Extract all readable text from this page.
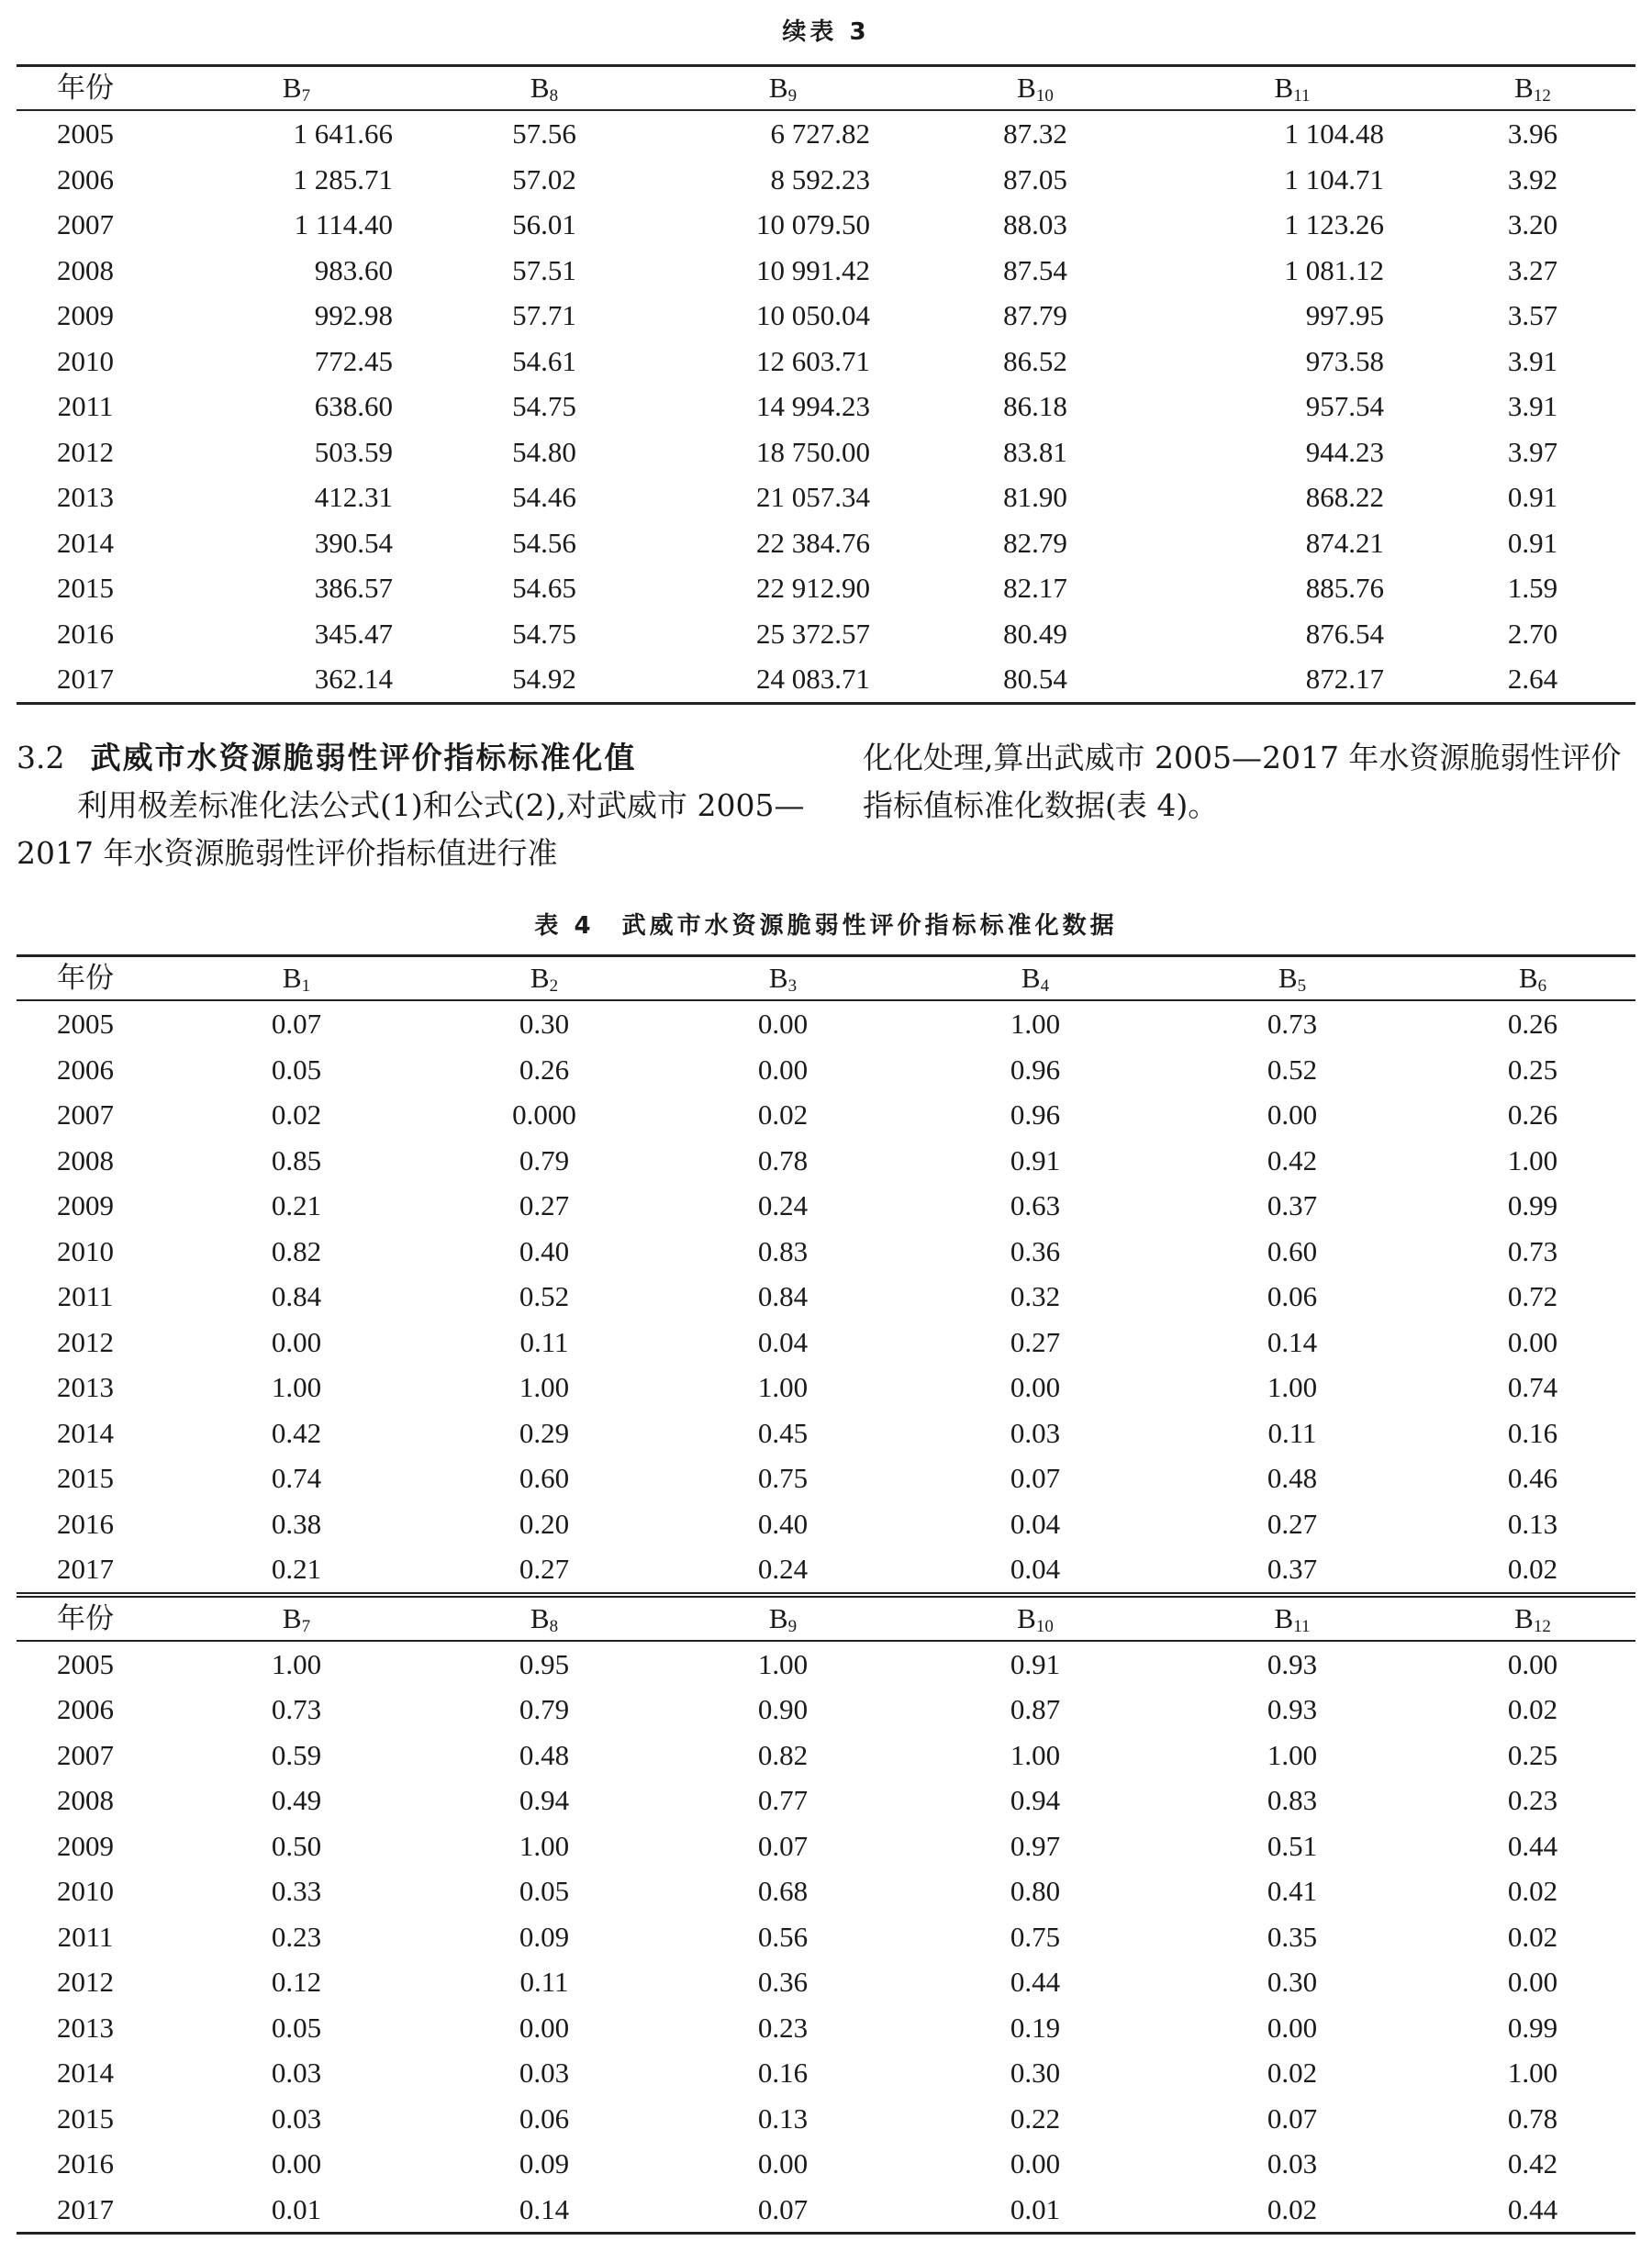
续表 3
年份	$B_7$	$B_8$	$B_9$	$B_{10}$	$B_{11}$	$B_{12}$
2005	1 641.66	57.56	6 727.82	87.32	1 104.48	3.96
2006	1 285.71	57.02	8 592.23	87.05	1 104.71	3.92
2007	1 114.40	56.01	10 079.50	88.03	1 123.26	3.20
2008	983.60	57.51	10 991.42	87.54	1 081.12	3.27
2009	992.98	57.71	10 050.04	87.79	997.95	3.57
2010	772.45	54.61	12 603.71	86.52	973.58	3.91
2011	638.60	54.75	14 994.23	86.18	957.54	3.91
2012	503.59	54.80	18 750.00	83.81	944.23	3.97
2013	412.31	54.46	21 057.34	81.90	868.22	0.91
2014	390.54	54.56	22 384.76	82.79	874.21	0.91
2015	386.57	54.65	22 912.90	82.17	885.76	1.59
2016	345.47	54.75	25 372.57	80.49	876.54	2.70
2017	362.14	54.92	24 083.71	80.54	872.17	2.64

3.2 武威市水资源脆弱性评价指标标准化值

利用极差标准化法公式(1)和公式(2),对武威市 2005—2017 年水资源脆弱性评价指标值进行准

化化处理,算出武威市 2005—2017 年水资源脆弱性评价指标值标准化数据(表 4)。

表 4　武威市水资源脆弱性评价指标标准化数据
年份	$B_1$	$B_2$	$B_3$	$B_4$	$B_5$	$B_6$
2005	0.07	0.30	0.00	1.00	0.73	0.26
2006	0.05	0.26	0.00	0.96	0.52	0.25
2007	0.02	0.000	0.02	0.96	0.00	0.26
2008	0.85	0.79	0.78	0.91	0.42	1.00
2009	0.21	0.27	0.24	0.63	0.37	0.99
2010	0.82	0.40	0.83	0.36	0.60	0.73
2011	0.84	0.52	0.84	0.32	0.06	0.72
2012	0.00	0.11	0.04	0.27	0.14	0.00
2013	1.00	1.00	1.00	0.00	1.00	0.74
2014	0.42	0.29	0.45	0.03	0.11	0.16
2015	0.74	0.60	0.75	0.07	0.48	0.46
2016	0.38	0.20	0.40	0.04	0.27	0.13
2017	0.21	0.27	0.24	0.04	0.37	0.02
年份	$B_7$	$B_8$	$B_9$	$B_{10}$	$B_{11}$	$B_{12}$
2005	1.00	0.95	1.00	0.91	0.93	0.00
2006	0.73	0.79	0.90	0.87	0.93	0.02
2007	0.59	0.48	0.82	1.00	1.00	0.25
2008	0.49	0.94	0.77	0.94	0.83	0.23
2009	0.50	1.00	0.07	0.97	0.51	0.44
2010	0.33	0.05	0.68	0.80	0.41	0.02
2011	0.23	0.09	0.56	0.75	0.35	0.02
2012	0.12	0.11	0.36	0.44	0.30	0.00
2013	0.05	0.00	0.23	0.19	0.00	0.99
2014	0.03	0.03	0.16	0.30	0.02	1.00
2015	0.03	0.06	0.13	0.22	0.07	0.78
2016	0.00	0.09	0.00	0.00	0.03	0.42
2017	0.01	0.14	0.07	0.01	0.02	0.44
